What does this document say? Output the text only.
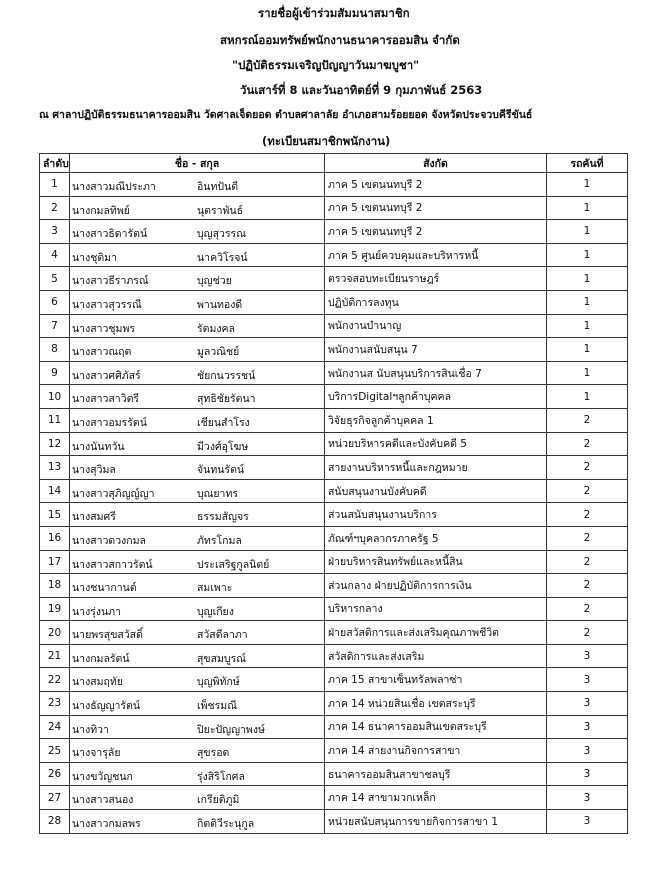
รายชื่อผู้เข้าร่วมสัมมนาสมาชิก
สหกรณ์ออมทรัพย์พนักงานธนาคารออมสิน จำกัด
"ปฏิบัติธรรมเจริญปัญญาวันมาฆบูชา"
วันเสาร์ที่ 8 และวันอาทิตย์ที่ 9 กุมภาพันธ์ 2563
ณ ศาลาปฏิบัติธรรมธนาคารออมสิน วัดศาลเจ็ดยอด ตำบลศาลาลัย อำเภอสามร้อยยอด จังหวัดประจวบคีรีขันธ์
(ทะเบียนสมาชิกพนักงาน)
ลำดับ	ชื่อ - สกุล	สังกัด	รถคันที่
1	นางสาวมณีประภา อินทปันตี	ภาค 5 เขตนนทบุรี 2	1
2	นางกมลทิพย์ นุตราพันธ์	ภาค 5 เขตนนทบุรี 2	1
3	นางสาวธิดารัตน์ บุญสุวรรณ	ภาค 5 เขตนนทบุรี 2	1
4	นางชุติมา นาควิโรจน์	ภาค 5 ศูนย์ควบคุมและบริหารหนี้	1
5	นางสาวธีราภรณ์ บุญช่วย	ตรวจสอบทะเบียนราษฎร์	1
6	นางสาวสุวรรณี พานทองดี	ปฏิบัติการลงทุน	1
7	นางสาวชุมพร รัตมงคล	พนักงานบำนาญ	1
8	นางสาวณฤต มูลวณิชย์	พนักงานสนับสนุน 7	1
9	นางสาวศศิภัสร์ ชัยกนวรรชน์	พนักงานส นับสนุนบริการสินเชื่อ 7	1
10	นางสาวสาวิตรี สุทธิชัยรัตนา	บริการDigitalฯลูกค้าบุคคล	1
11	นางสาวอมรรัตน์ เชียนสำโรง	วิจัยธุรกิจลูกค้าบุคคล 1	2
12	นางนันทวัน มีวงศ์อุโฆษ	หน่วยบริหารคดีและบังคับคดี 5	2
13	นางสุวิมล จันทนรัตน์	สายงานบริหารหนี้และกฎหมาย	2
14	นางสาวสุภิญญ์ญา บุณยาทร	สนับสนุนงานบังคับคดี	2
15	นางสมศรี ธรรมสัญจร	ส่วนสนับสนุนงานบริการ	2
16	นางสาวดวงกมล ภัทรโกมล	ภัณฑ์ฯบุคลากรภาครัฐ 5	2
17	นางสาวสกาวรัตน์ ประเสริฐกูลนิตย์	ฝ่ายบริหารสินทรัพย์และหนี้สิน	2
18	นางชนากานต์ สมเพาะ	ส่วนกลาง ฝ่ายปฏิบัติการการเงิน	2
19	นางรุ่งนภา บุญเกียง	บริหารกลาง	2
20	นายพรสุขสวัสดิ์ สวัสดีลาภา	ฝ่ายสวัสดิการและส่งเสริมคุณภาพชีวิต	2
21	นางกมลรัตน์ สุขสมบูรณ์	สวัสดิการและส่งเสริม	3
22	นางสมฤทัย บุญพิทักษ์	ภาค 15 สาขาเซ็นทรัลพลาซ่า	3
23	นางธัญญารัตน์ เพ็ชรมณี	ภาค 14 หน่วยสินเชื่อ เขตสระบุรี	3
24	นางทิวา ปิยะปัญญาพงษ์	ภาค 14 ธนาคารออมสินเขตสระบุรี	3
25	นางจารุลัย สุขรอด	ภาค 14 สายงานกิจการสาขา	3
26	นางขวัญชนก รุ่งสิริโกศล	ธนาคารออมสินสาขาชลบุรี	3
27	นางสาวสนอง เกรียติภูมิ	ภาค 14 สาขามวกเหล็ก	3
28	นางสาวกมลพร กิตติวีระนุกูล	หน่วยสนับสนุนการขายกิจการสาขา 1	3
